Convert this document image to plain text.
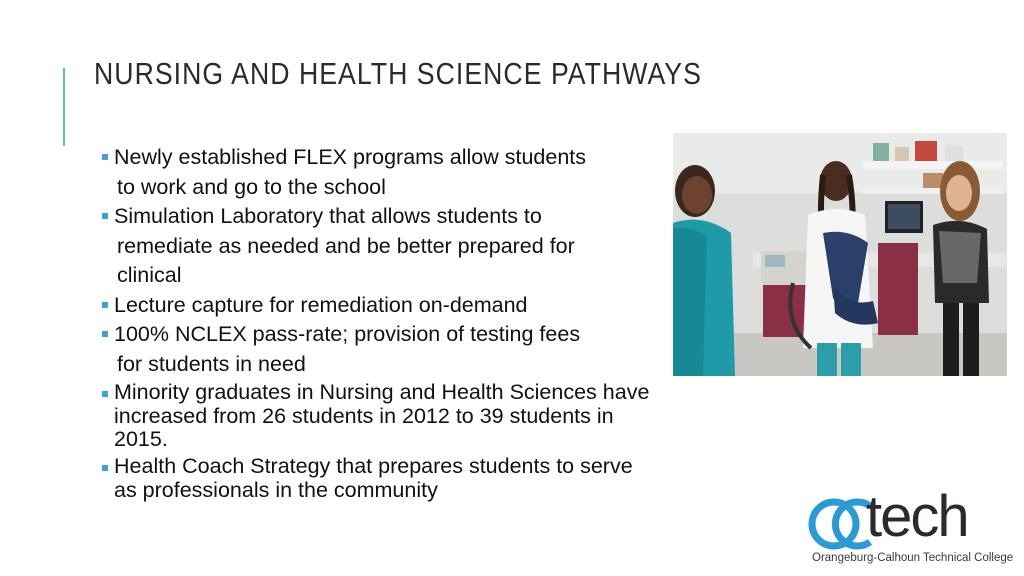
NURSING AND HEALTH SCIENCE PATHWAYS
Newly established FLEX programs allow students
to work and go to the school
Simulation Laboratory that allows students to
remediate as needed and be better prepared for
clinical
Lecture capture for remediation on-demand
100% NCLEX pass-rate; provision of testing fees
for students in need
Minority graduates in Nursing and Health Sciences have
increased from 26 students in 2012 to 39 students in
2015.
Health Coach Strategy that prepares students to serve
as professionals in the community	tech
Orangeburg-Calhoun Technical College
